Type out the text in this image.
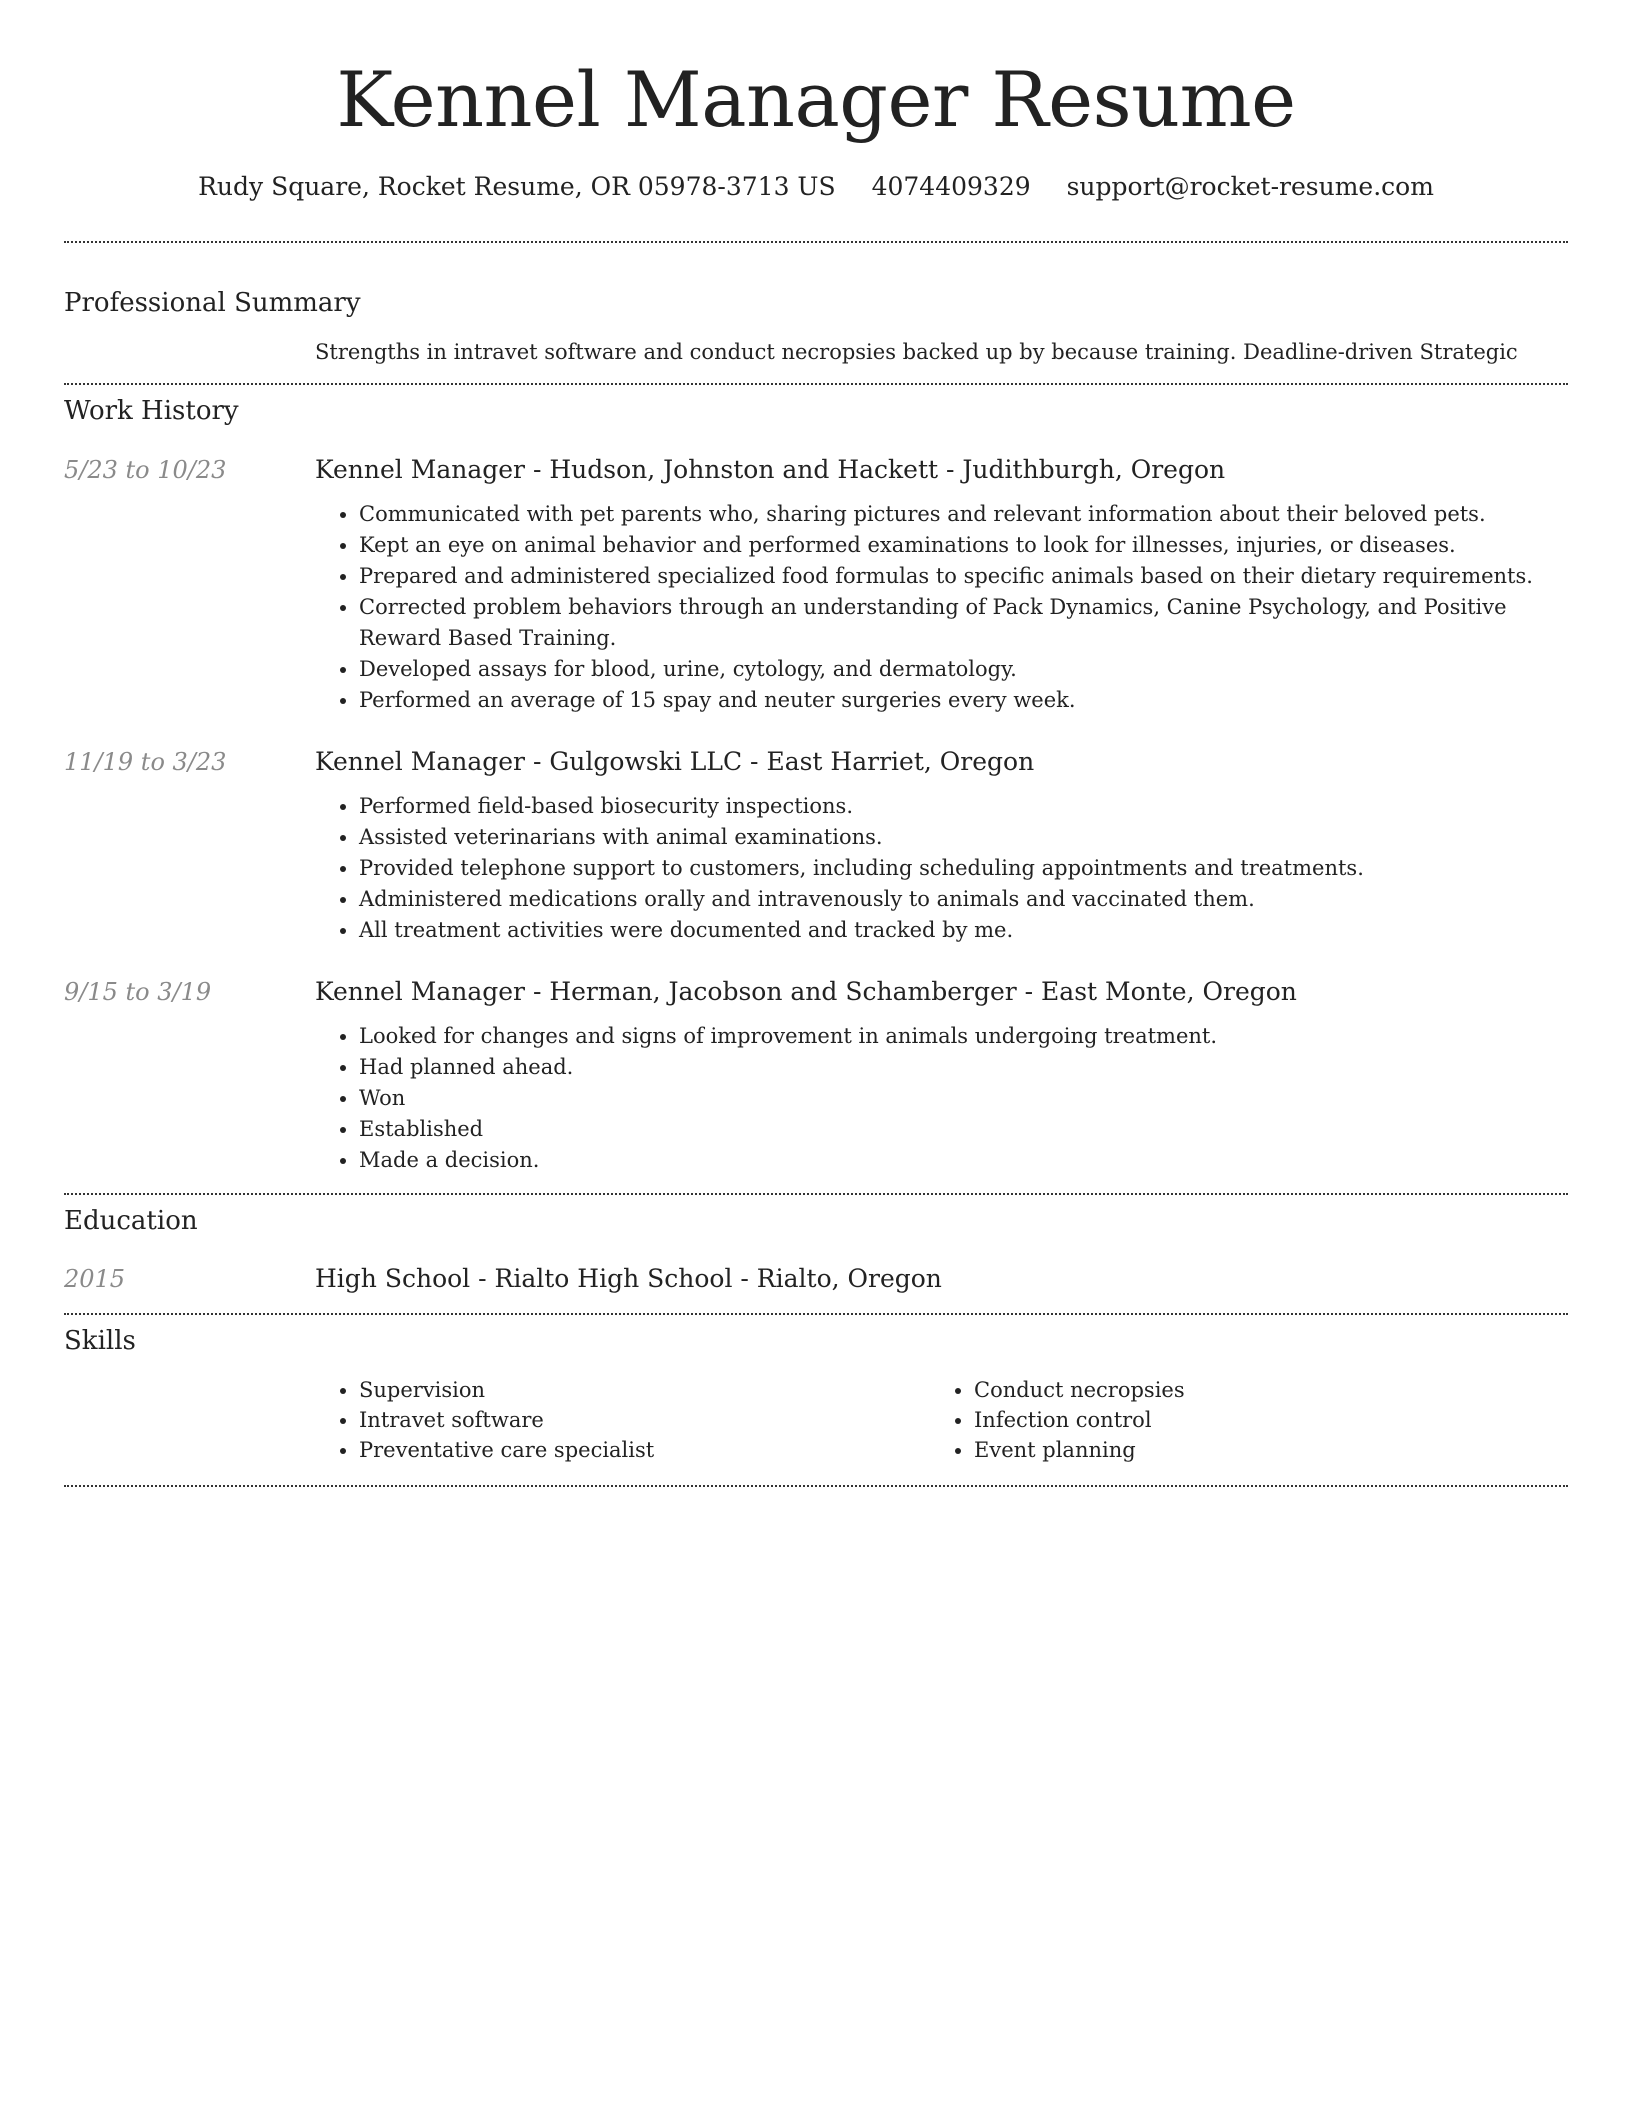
Kennel Manager Resume
Rudy Square, Rocket Resume, OR 05978-3713 US 4074409329 support@rocket-resume.com
Professional Summary
Strengths in intravet software and conduct necropsies backed up by because training. Deadline-driven Strategic
Work History
5/23 to 10/23	Kennel Manager - Hudson, Johnston and Hackett - Judithburgh, Oregon
• Communicated with pet parents who, sharing pictures and relevant information about their beloved pets.
• Kept an eye on animal behavior and performed examinations to look for illnesses, injuries, or diseases.
• Prepared and administered specialized food formulas to specific animals based on their dietary requirements.
• Corrected problem behaviors through an understanding of Pack Dynamics, Canine Psychology, and Positive Reward Based Training.
• Developed assays for blood, urine, cytology, and dermatology.
• Performed an average of 15 spay and neuter surgeries every week.
11/19 to 3/23	Kennel Manager - Gulgowski LLC - East Harriet, Oregon
• Performed field-based biosecurity inspections.
• Assisted veterinarians with animal examinations.
• Provided telephone support to customers, including scheduling appointments and treatments.
• Administered medications orally and intravenously to animals and vaccinated them.
• All treatment activities were documented and tracked by me.
9/15 to 3/19	Kennel Manager - Herman, Jacobson and Schamberger - East Monte, Oregon
• Looked for changes and signs of improvement in animals undergoing treatment.
• Had planned ahead.
• Won
• Established
• Made a decision.
Education
2015	High School - Rialto High School - Rialto, Oregon
Skills
• Supervision
• Intravet software
• Preventative care specialist
• Conduct necropsies
• Infection control
• Event planning
